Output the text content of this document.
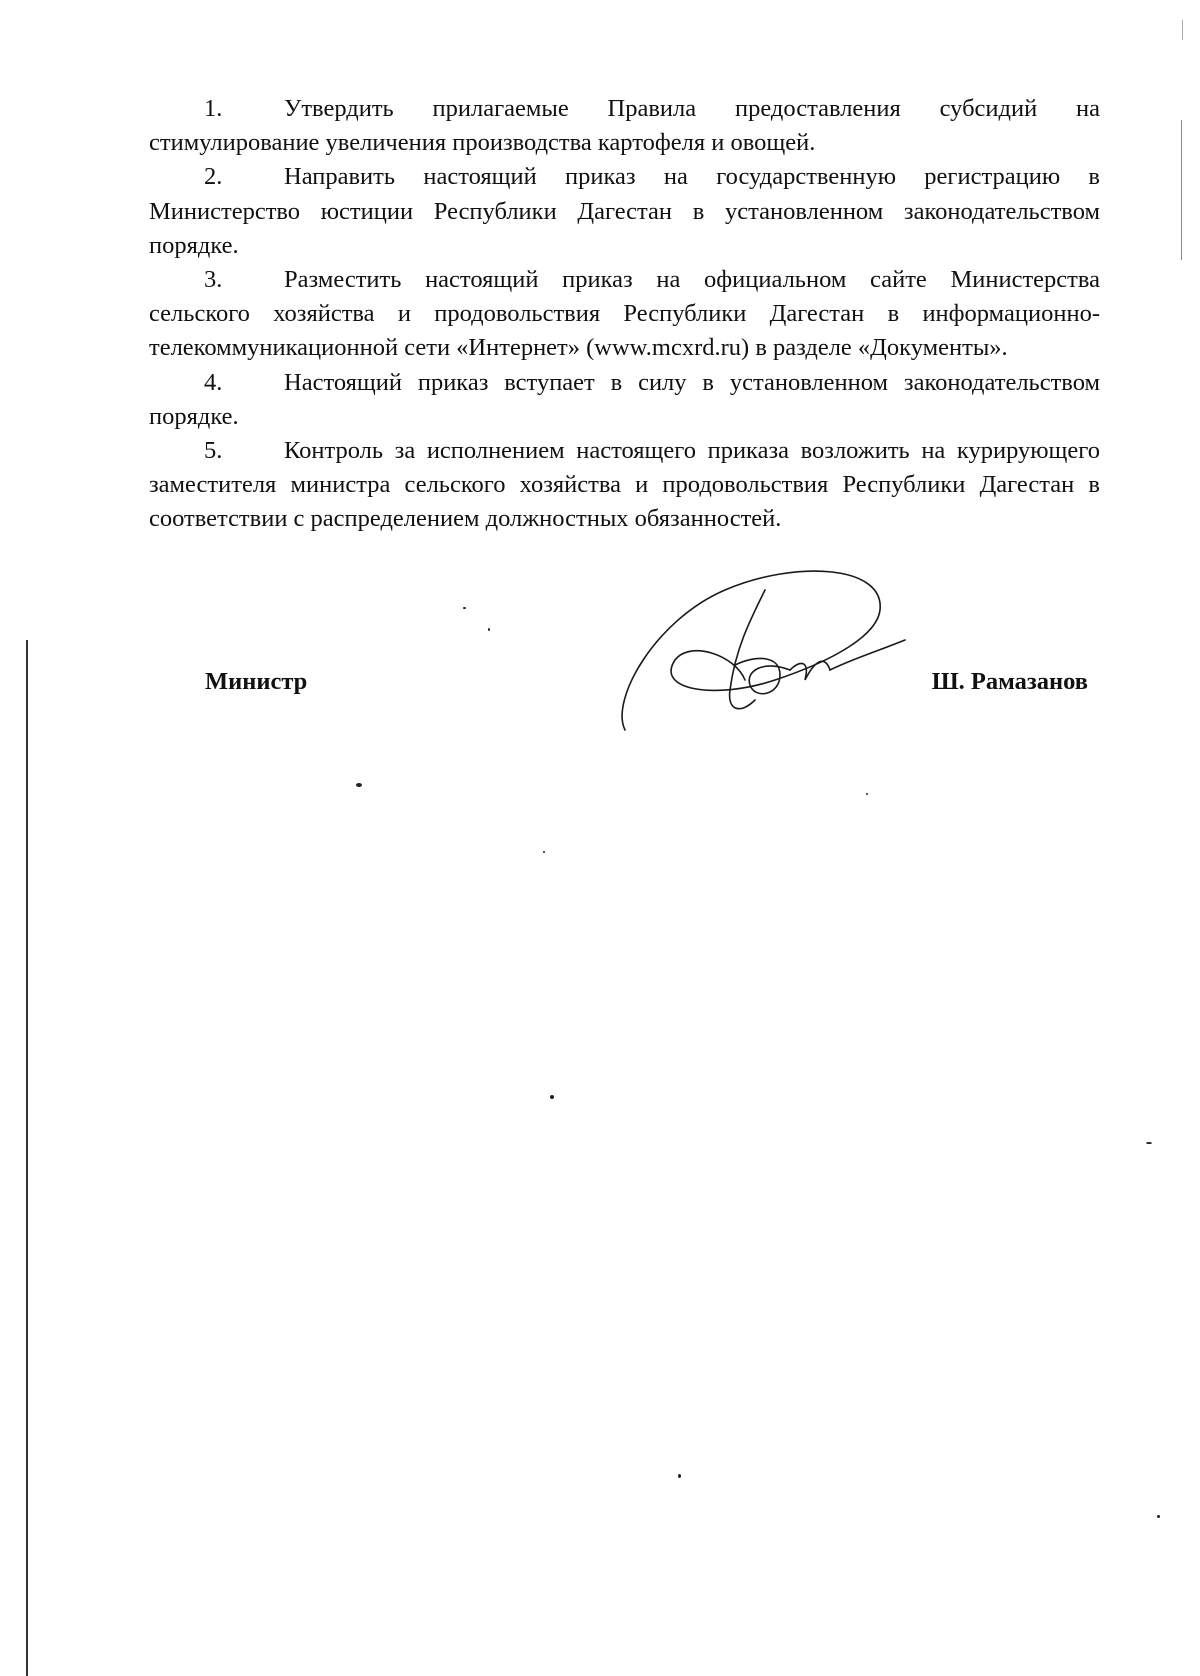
1.	Утвердить прилагаемые Правила предоставления субсидий на стимулирование увеличения производства картофеля и овощей.

2.	Направить настоящий приказ на государственную регистрацию в Министерство юстиции Республики Дагестан в установленном законодательством порядке.

3.	Разместить настоящий приказ на официальном сайте Министерства сельского хозяйства и продовольствия Республики Дагестан в информационно-телекоммуникационной сети «Интернет» (www.mcxrd.ru) в разделе «Документы».

4.	Настоящий приказ вступает в силу в установленном законодательством порядке.

5.	Контроль за исполнением настоящего приказа возложить на курирующего заместителя министра сельского хозяйства и продовольствия Республики Дагестан в соответствии с распределением должностных обязанностей.

Министр	Ш. Рамазанов
